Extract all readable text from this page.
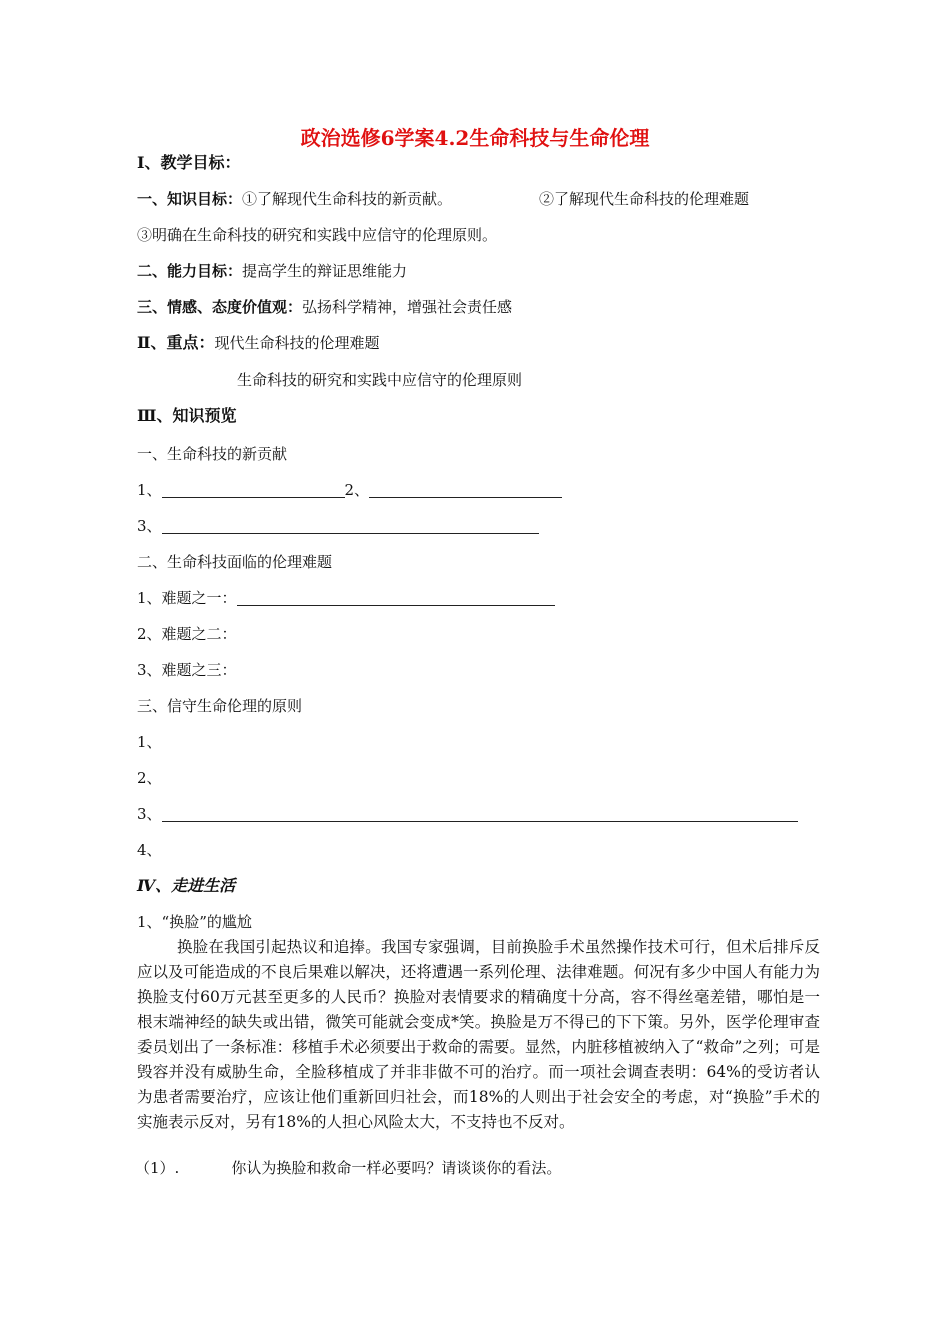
政治选修6学案4.2生命科技与生命伦理
Ⅰ、教学目标：
一、知识目标：①了解现代生命科技的新贡献。	②了解现代生命科技的伦理难题
③明确在生命科技的研究和实践中应信守的伦理原则。
二、能力目标：提高学生的辩证思维能力
三、情感、态度价值观：弘扬科学精神，增强社会责任感
Ⅱ、重点：现代生命科技的伦理难题
生命科技的研究和实践中应信守的伦理原则
Ⅲ、知识预览
一、生命科技的新贡献
1、	2、
3、
二、生命科技面临的伦理难题
1、难题之一：
2、难题之二：
3、难题之三：
三、信守生命伦理的原则
1、
2、
3、
4、
Ⅳ、走进生活
1、“换脸”的尴尬
换脸在我国引起热议和追捧。我国专家强调，目前换脸手术虽然操作技术可行，但术后排斥反应以及可能造成的不良后果难以解决，还将遭遇一系列伦理、法律难题。何况有多少中国人有能力为换脸支付60万元甚至更多的人民币？换脸对表情要求的精确度十分高，容不得丝毫差错，哪怕是一根末端神经的缺失或出错，微笑可能就会变成*笑。换脸是万不得已的下下策。另外，医学伦理审查委员划出了一条标准：移植手术必须要出于救命的需要。显然，内脏移植被纳入了“救命”之列；可是毁容并没有威胁生命，全脸移植成了并非非做不可的治疗。而一项社会调查表明：64%的受访者认为患者需要治疗，应该让他们重新回归社会，而18%的人则出于社会安全的考虑，对“换脸”手术的实施表示反对，另有18%的人担心风险太大，不支持也不反对。
（1）.	你认为换脸和救命一样必要吗？请谈谈你的看法。
